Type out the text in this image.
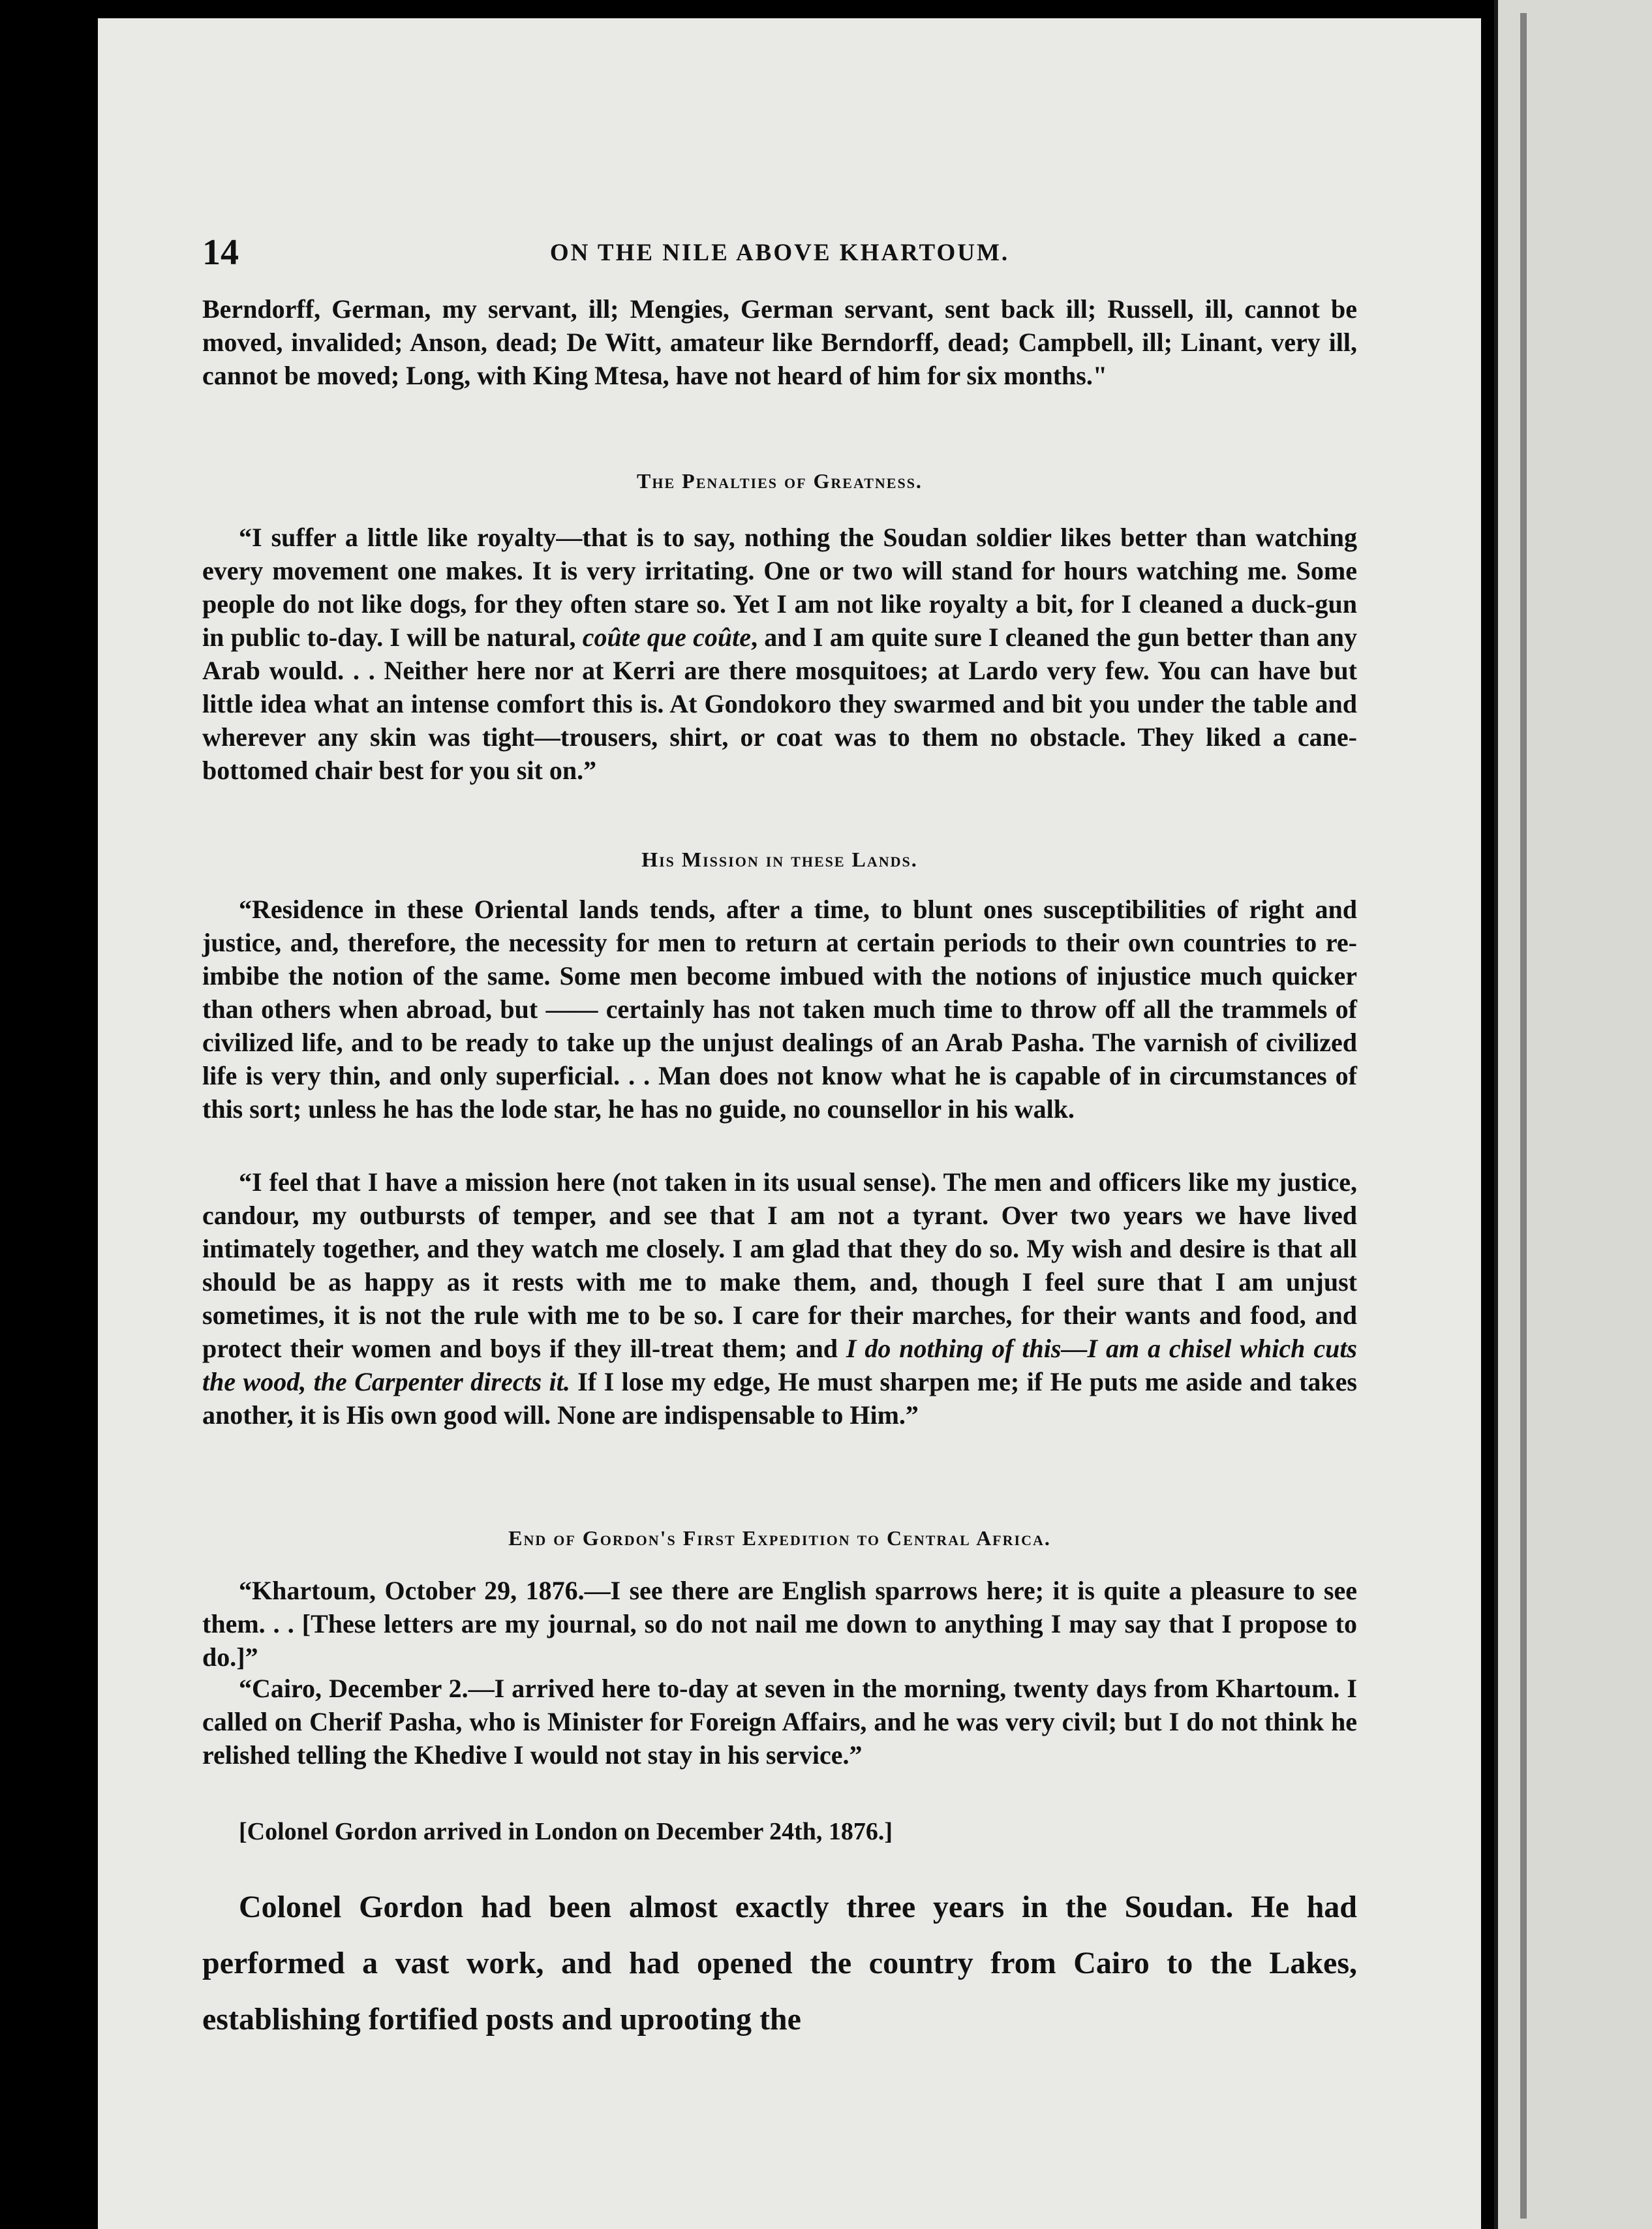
14	ON THE NILE ABOVE KHARTOUM.
Berndorff, German, my servant, ill; Mengies, German servant, sent back ill; Russell, ill, cannot be moved, invalided; Anson, dead; De Witt, amateur like Berndorff, dead; Campbell, ill; Linant, very ill, cannot be moved; Long, with King Mtesa, have not heard of him for six months."
The Penalties of Greatness.
“I suffer a little like royalty—that is to say, nothing the Soudan soldier likes better than watching every movement one makes. It is very irritating. One or two will stand for hours watching me. Some people do not like dogs, for they often stare so. Yet I am not like royalty a bit, for I cleaned a duck-gun in public to-day. I will be natural, coûte que coûte, and I am quite sure I cleaned the gun better than any Arab would. . . Neither here nor at Kerri are there mosquitoes; at Lardo very few. You can have but little idea what an intense comfort this is. At Gondokoro they swarmed and bit you under the table and wherever any skin was tight—trousers, shirt, or coat was to them no obstacle. They liked a cane-bottomed chair best for you sit on.”
His Mission in these Lands.
“Residence in these Oriental lands tends, after a time, to blunt ones susceptibilities of right and justice, and, therefore, the necessity for men to return at certain periods to their own countries to re-imbibe the notion of the same. Some men become imbued with the notions of injustice much quicker than others when abroad, but —— certainly has not taken much time to throw off all the trammels of civilized life, and to be ready to take up the unjust dealings of an Arab Pasha. The varnish of civilized life is very thin, and only superficial. . . Man does not know what he is capable of in circumstances of this sort; unless he has the lode star, he has no guide, no counsellor in his walk.
“I feel that I have a mission here (not taken in its usual sense). The men and officers like my justice, candour, my outbursts of temper, and see that I am not a tyrant. Over two years we have lived intimately together, and they watch me closely. I am glad that they do so. My wish and desire is that all should be as happy as it rests with me to make them, and, though I feel sure that I am unjust sometimes, it is not the rule with me to be so. I care for their marches, for their wants and food, and protect their women and boys if they ill-treat them; and I do nothing of this—I am a chisel which cuts the wood, the Carpenter directs it. If I lose my edge, He must sharpen me; if He puts me aside and takes another, it is His own good will. None are indispensable to Him.”
End of Gordon's First Expedition to Central Africa.
“Khartoum, October 29, 1876.—I see there are English sparrows here; it is quite a pleasure to see them. . . [These letters are my journal, so do not nail me down to anything I may say that I propose to do.]”
“Cairo, December 2.—I arrived here to-day at seven in the morning, twenty days from Khartoum. I called on Cherif Pasha, who is Minister for Foreign Affairs, and he was very civil; but I do not think he relished telling the Khedive I would not stay in his service.”
[Colonel Gordon arrived in London on December 24th, 1876.]
Colonel Gordon had been almost exactly three years in the Soudan. He had performed a vast work, and had opened the country from Cairo to the Lakes, establishing fortified posts and uprooting the
